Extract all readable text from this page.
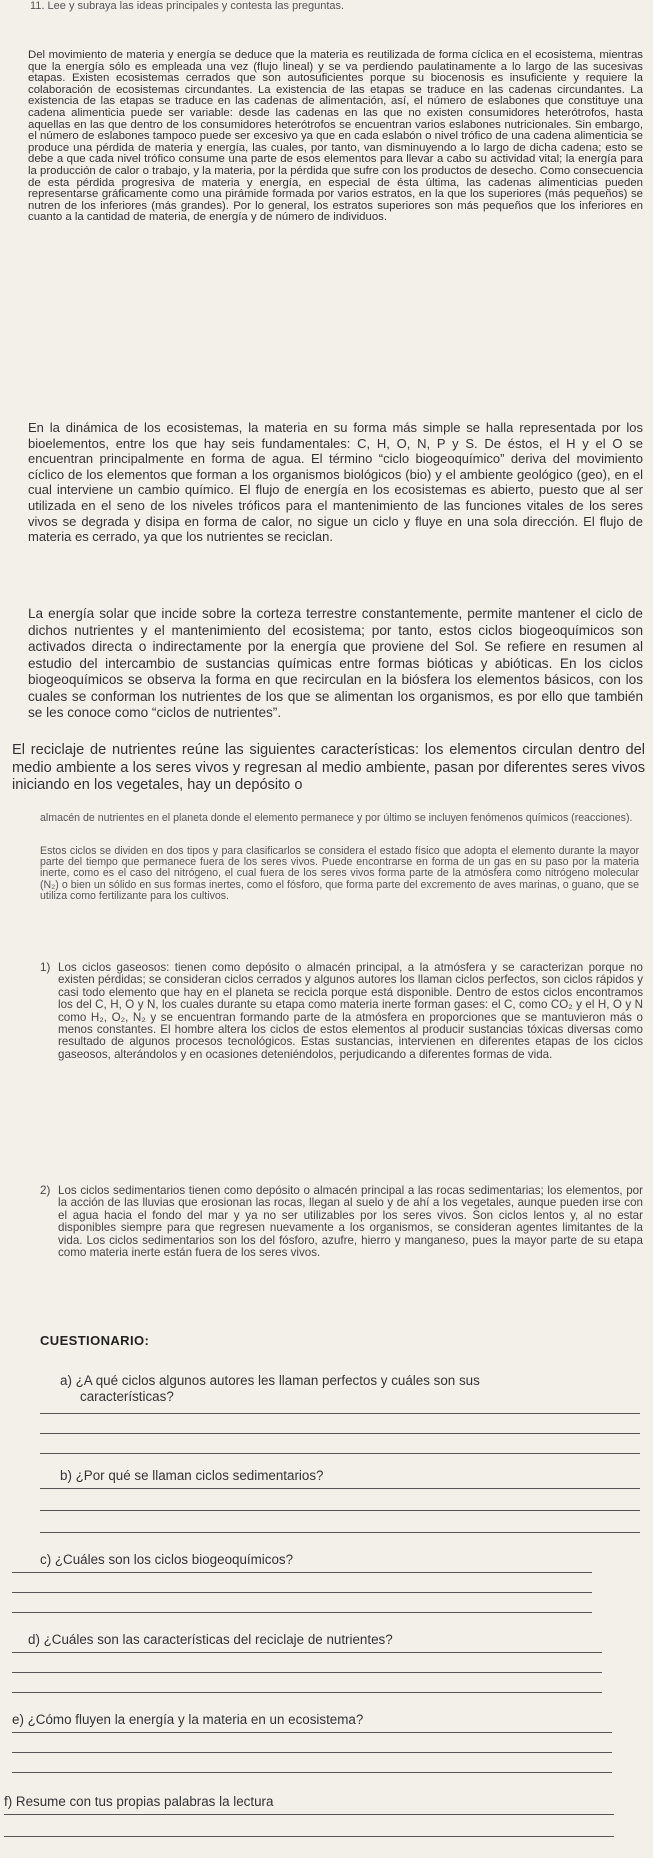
11. Lee y subraya las ideas principales y contesta las preguntas.
Del movimiento de materia y energía se deduce que la materia es reutilizada de forma cíclica en el ecosistema, mientras que la energía sólo es empleada una vez (flujo lineal) y se va perdiendo paulatinamente a lo largo de las sucesivas etapas. Existen ecosistemas cerrados que son autosuficientes porque su biocenosis es insuficiente y requiere la colaboración de ecosistemas circundantes. La existencia de las etapas se traduce en las cadenas circundantes. La existencia de las etapas se traduce en las cadenas de alimentación, así, el número de eslabones que constituye una cadena alimenticia puede ser variable: desde las cadenas en las que no existen consumidores heterótrofos, hasta aquellas en las que dentro de los consumidores heterótrofos se encuentran varios eslabones nutricionales. Sin embargo, el número de eslabones tampoco puede ser excesivo ya que en cada eslabón o nivel trófico de una cadena alimenticia se produce una pérdida de materia y energía, las cuales, por tanto, van disminuyendo a lo largo de dicha cadena; esto se debe a que cada nivel trófico consume una parte de esos elementos para llevar a cabo su actividad vital; la energía para la producción de calor o trabajo, y la materia, por la pérdida que sufre con los productos de desecho. Como consecuencia de esta pérdida progresiva de materia y energía, en especial de ésta última, las cadenas alimenticias pueden representarse gráficamente como una pirámide formada por varios estratos, en la que los superiores (más pequeños) se nutren de los inferiores (más grandes). Por lo general, los estratos superiores son más pequeños que los inferiores en cuanto a la cantidad de materia, de energía y de número de individuos.
En la dinámica de los ecosistemas, la materia en su forma más simple se halla representada por los bioelementos, entre los que hay seis fundamentales: C, H, O, N, P y S. De éstos, el H y el O se encuentran principalmente en forma de agua. El término “ciclo biogeoquímico” deriva del movimiento cíclico de los elementos que forman a los organismos biológicos (bio) y el ambiente geológico (geo), en el cual interviene un cambio químico. El flujo de energía en los ecosistemas es abierto, puesto que al ser utilizada en el seno de los niveles tróficos para el mantenimiento de las funciones vitales de los seres vivos se degrada y disipa en forma de calor, no sigue un ciclo y fluye en una sola dirección. El flujo de materia es cerrado, ya que los nutrientes se reciclan.
La energía solar que incide sobre la corteza terrestre constantemente, permite mantener el ciclo de dichos nutrientes y el mantenimiento del ecosistema; por tanto, estos ciclos biogeoquímicos son activados directa o indirectamente por la energía que proviene del Sol. Se refiere en resumen al estudio del intercambio de sustancias químicas entre formas bióticas y abióticas. En los ciclos biogeoquímicos se observa la forma en que recirculan en la biósfera los elementos básicos, con los cuales se conforman los nutrientes de los que se alimentan los organismos, es por ello que también se les conoce como “ciclos de nutrientes”.
El reciclaje de nutrientes reúne las siguientes características: los elementos circulan dentro del medio ambiente a los seres vivos y regresan al medio ambiente, pasan por diferentes seres vivos iniciando en los vegetales, hay un depósito o
almacén de nutrientes en el planeta donde el elemento permanece y por último se incluyen fenómenos químicos (reacciones).
Estos ciclos se dividen en dos tipos y para clasificarlos se considera el estado físico que adopta el elemento durante la mayor parte del tiempo que permanece fuera de los seres vivos. Puede encontrarse en forma de un gas en su paso por la materia inerte, como es el caso del nitrógeno, el cual fuera de los seres vivos forma parte de la atmósfera como nitrógeno molecular (N₂) o bien un sólido en sus formas inertes, como el fósforo, que forma parte del excremento de aves marinas, o guano, que se utiliza como fertilizante para los cultivos.
1) Los ciclos gaseosos: tienen como depósito o almacén principal, a la atmósfera y se caracterizan porque no existen pérdidas; se consideran ciclos cerrados y algunos autores los llaman ciclos perfectos, son ciclos rápidos y casi todo elemento que hay en el planeta se recicla porque está disponible. Dentro de estos ciclos encontramos los del C, H, O y N, los cuales durante su etapa como materia inerte forman gases: el C, como CO₂ y el H, O y N como H₂, O₂, N₂ y se encuentran formando parte de la atmósfera en proporciones que se mantuvieron más o menos constantes. El hombre altera los ciclos de estos elementos al producir sustancias tóxicas diversas como resultado de algunos procesos tecnológicos. Estas sustancias, intervienen en diferentes etapas de los ciclos gaseosos, alterándolos y en ocasiones deteniéndolos, perjudicando a diferentes formas de vida.
2) Los ciclos sedimentarios tienen como depósito o almacén principal a las rocas sedimentarias; los elementos, por la acción de las lluvias que erosionan las rocas, llegan al suelo y de ahí a los vegetales, aunque pueden irse con el agua hacia el fondo del mar y ya no ser utilizables por los seres vivos. Son ciclos lentos y, al no estar disponibles siempre para que regresen nuevamente a los organismos, se consideran agentes limitantes de la vida. Los ciclos sedimentarios son los del fósforo, azufre, hierro y manganeso, pues la mayor parte de su etapa como materia inerte están fuera de los seres vivos.
CUESTIONARIO:
a) ¿A qué ciclos algunos autores les llaman perfectos y cuáles son sus
características?
b) ¿Por qué se llaman ciclos sedimentarios?
c) ¿Cuáles son los ciclos biogeoquímicos?
d) ¿Cuáles son las características del reciclaje de nutrientes?
e) ¿Cómo fluyen la energía y la materia en un ecosistema?
f) Resume con tus propias palabras la lectura
